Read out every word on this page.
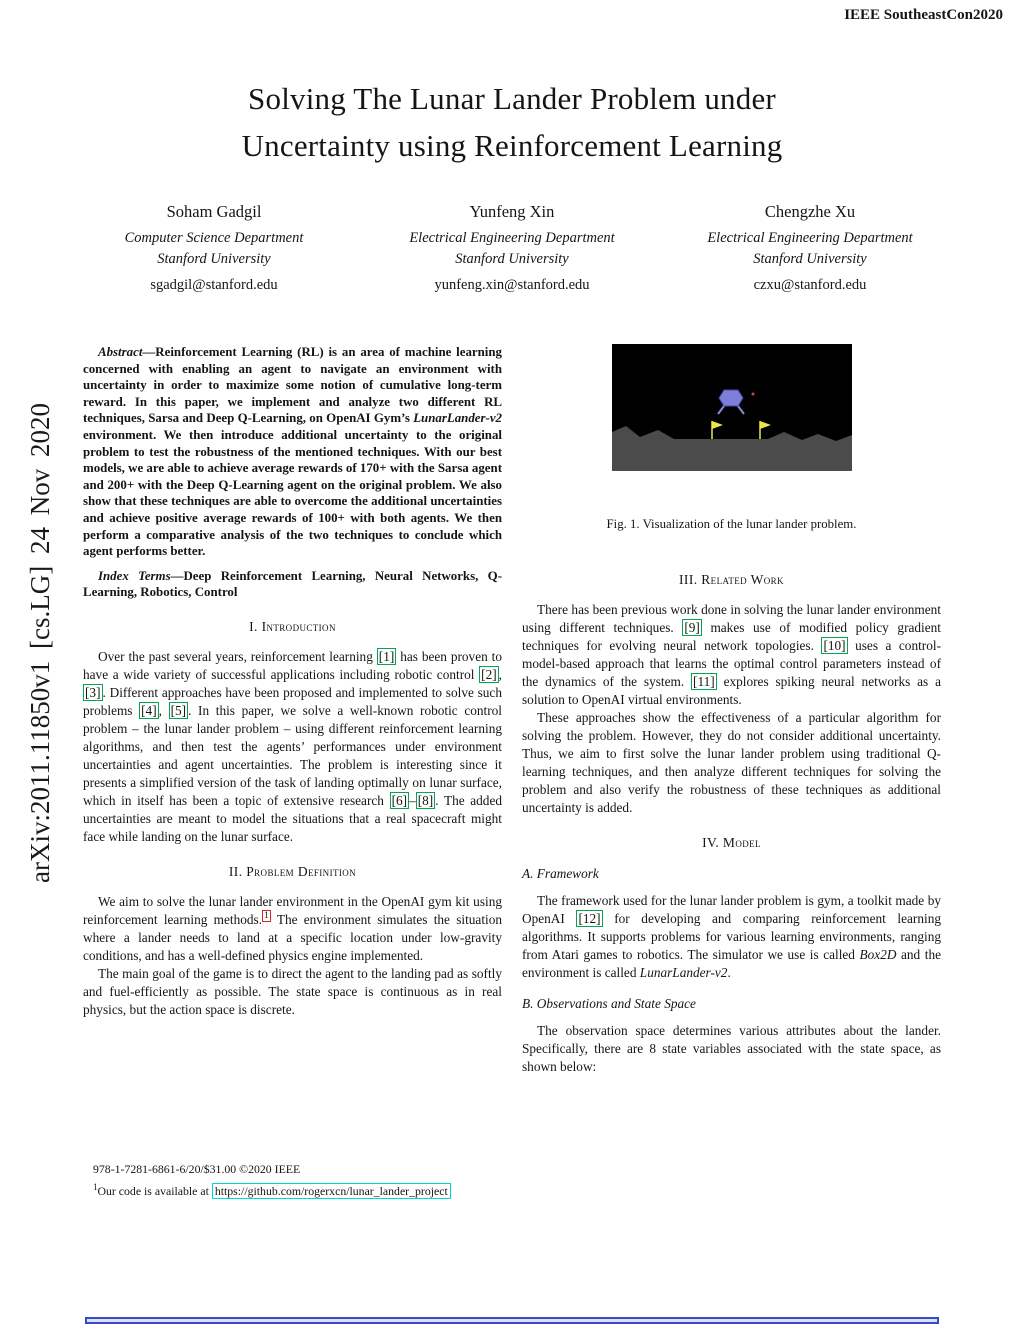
IEEE SoutheastCon2020
arXiv:2011.11850v1 [cs.LG] 24 Nov 2020
Solving The Lunar Lander Problem under Uncertainty using Reinforcement Learning
Soham Gadgil
Computer Science Department
Stanford University
sgadgil@stanford.edu
Yunfeng Xin
Electrical Engineering Department
Stanford University
yunfeng.xin@stanford.edu
Chengzhe Xu
Electrical Engineering Department
Stanford University
czxu@stanford.edu

Abstract—Reinforcement Learning (RL) is an area of machine learning concerned with enabling an agent to navigate an environment with uncertainty in order to maximize some notion of cumulative long-term reward. In this paper, we implement and analyze two different RL techniques, Sarsa and Deep Q-Learning, on OpenAI Gym’s LunarLander-v2 environment. We then introduce additional uncertainty to the original problem to test the robustness of the mentioned techniques. With our best models, we are able to achieve average rewards of 170+ with the Sarsa agent and 200+ with the Deep Q-Learning agent on the original problem. We also show that these techniques are able to overcome the additional uncertainties and achieve positive average rewards of 100+ with both agents. We then perform a comparative analysis of the two techniques to conclude which agent performs better.

Index Terms—Deep Reinforcement Learning, Neural Networks, Q-Learning, Robotics, Control

I. Introduction

Over the past several years, reinforcement learning [1] has been proven to have a wide variety of successful applications including robotic control [2] , [3] . Different approaches have been proposed and implemented to solve such problems [4] , [5] . In this paper, we solve a well-known robotic control problem – the lunar lander problem – using different reinforcement learning algorithms, and then test the agents’ performances under environment uncertainties and agent uncertainties. The problem is interesting since it presents a simplified version of the task of landing optimally on lunar surface, which in itself has been a topic of extensive research [6] – [8] . The added uncertainties are meant to model the situations that a real spacecraft might face while landing on the lunar surface.

II. Problem Definition

We aim to solve the lunar lander environment in the OpenAI gym kit using reinforcement learning methods. $^1$ The environment simulates the situation where a lander needs to land at a specific location under low-gravity conditions, and has a well-defined physics engine implemented.

The main goal of the game is to direct the agent to the landing pad as softly and fuel-efficiently as possible. The state space is continuous as in real physics, but the action space is discrete.

Fig. 1. Visualization of the lunar lander problem.
III. Related Work

There has been previous work done in solving the lunar lander environment using different techniques. [9] makes use of modified policy gradient techniques for evolving neural network topologies. [10] uses a control-model-based approach that learns the optimal control parameters instead of the dynamics of the system. [11] explores spiking neural networks as a solution to OpenAI virtual environments.

These approaches show the effectiveness of a particular algorithm for solving the problem. However, they do not consider additional uncertainty. Thus, we aim to first solve the lunar lander problem using traditional Q-learning techniques, and then analyze different techniques for solving the problem and also verify the robustness of these techniques as additional uncertainty is added.

IV. Model
A. Framework

The framework used for the lunar lander problem is gym, a toolkit made by OpenAI [12] for developing and comparing reinforcement learning algorithms. It supports problems for various learning environments, ranging from Atari games to robotics. The simulator we use is called Box2D and the environment is called LunarLander-v2.

B. Observations and State Space

The observation space determines various attributes about the lander. Specifically, there are 8 state variables associated with the state space, as shown below:

978-1-7281-6861-6/20/$31.00 ©2020 IEEE
$^1$Our code is available at https://github.com/rogerxcn/lunar_lander_project
